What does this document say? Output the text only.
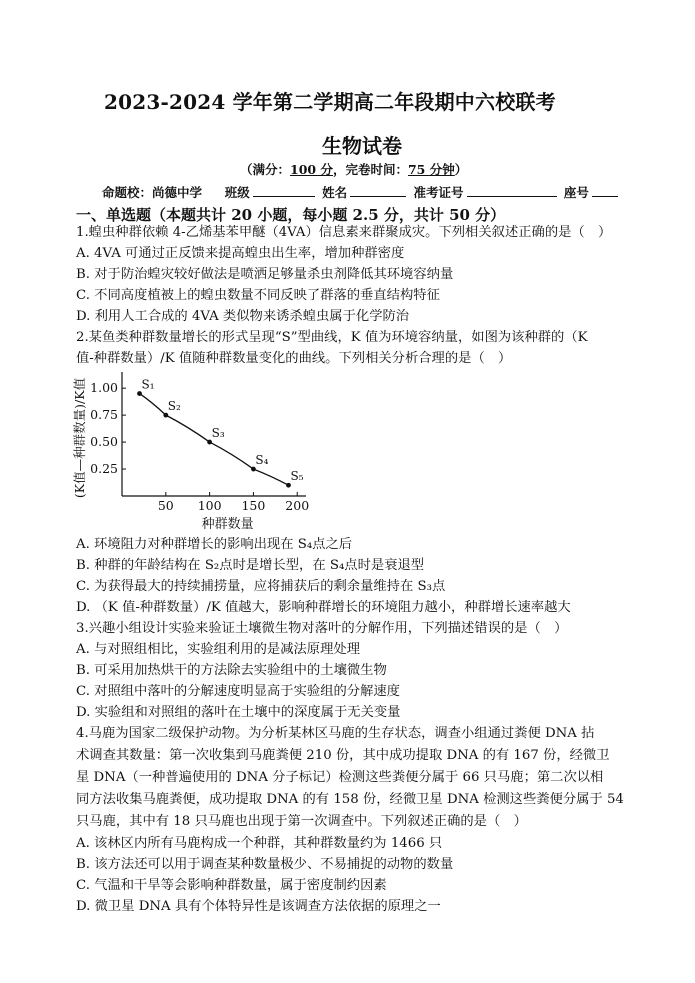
2023-2024 学年第二学期高二年段期中六校联考
生物试卷
（满分：100 分，完卷时间：75 分钟）
命题校：尚德中学 班级	姓名	准考证号	座号
一、单选题（本题共计 20 小题，每小题 2.5 分，共计 50 分）
1.蝗虫种群依赖 4-乙烯基苯甲醚（4VA）信息素来群聚成灾。下列相关叙述正确的是（　）
A. 4VA 可通过正反馈来提高蝗虫出生率，增加种群密度
B. 对于防治蝗灾较好做法是喷洒足够量杀虫剂降低其环境容纳量
C. 不同高度植被上的蝗虫数量不同反映了群落的垂直结构特征
D. 利用人工合成的 4VA 类似物来诱杀蝗虫属于化学防治
2.某鱼类种群数量增长的形式呈现“S”型曲线，K 值为环境容纳量，如图为该种群的（K
值-种群数量）/K 值随种群数量变化的曲线。下列相关分析合理的是（　）
50 100 150 200
0.25
0.50
0.75
1.00
种群数量
(K值—种群数量)/K值	S₁
S₂
S₃
S₄
S₅
A. 环境阻力对种群增长的影响出现在 S₄点之后
B. 种群的年龄结构在 S₂点时是增长型，在 S₄点时是衰退型
C. 为获得最大的持续捕捞量，应将捕获后的剩余量维持在 S₃点
D. （K 值-种群数量）/K 值越大，影响种群增长的环境阻力越小，种群增长速率越大
3.兴趣小组设计实验来验证土壤微生物对落叶的分解作用，下列描述错误的是（　）
A. 与对照组相比，实验组利用的是减法原理处理
B. 可采用加热烘干的方法除去实验组中的土壤微生物
C. 对照组中落叶的分解速度明显高于实验组的分解速度
D. 实验组和对照组的落叶在土壤中的深度属于无关变量
4.马鹿为国家二级保护动物。为分析某林区马鹿的生存状态，调查小组通过粪便 DNA 拈
术调查其数量：第一次收集到马鹿粪便 210 份，其中成功提取 DNA 的有 167 份，经微卫
星 DNA（一种普遍使用的 DNA 分子标记）检测这些粪便分属于 66 只马鹿；第二次以相
同方法收集马鹿粪便，成功提取 DNA 的有 158 份，经微卫星 DNA 检测这些粪便分属于 54
只马鹿，其中有 18 只马鹿也出现于第一次调查中。下列叙述正确的是（　）
A. 该林区内所有马鹿构成一个种群，其种群数量约为 1466 只
B. 该方法还可以用于调查某种数量极少、不易捕捉的动物的数量
C. 气温和干旱等会影响种群数量，属于密度制约因素
D. 微卫星 DNA 具有个体特异性是该调查方法依据的原理之一
